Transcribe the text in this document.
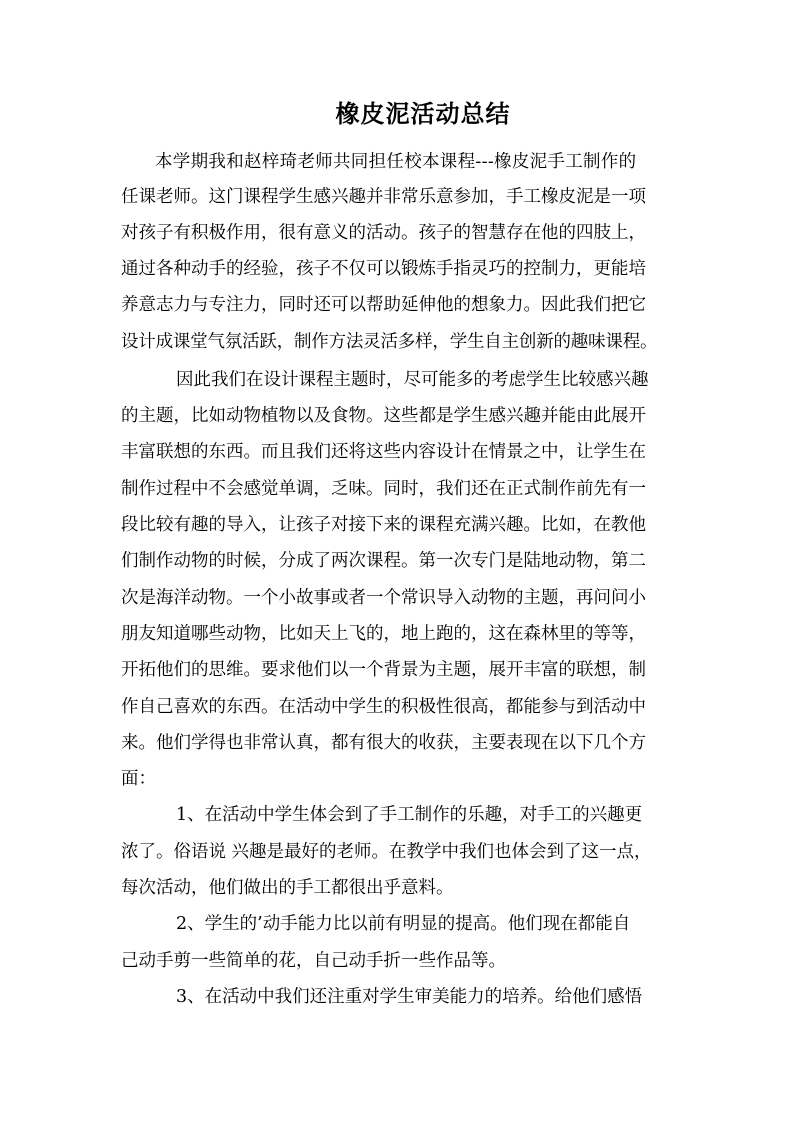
橡皮泥活动总结
本学期我和赵梓琦老师共同担任校本课程---橡皮泥手工制作的
任课老师。这门课程学生感兴趣并非常乐意参加，手工橡皮泥是一项
对孩子有积极作用，很有意义的活动。孩子的智慧存在他的四肢上，
通过各种动手的经验，孩子不仅可以锻炼手指灵巧的控制力，更能培
养意志力与专注力，同时还可以帮助延伸他的想象力。因此我们把它
设计成课堂气氛活跃，制作方法灵活多样，学生自主创新的趣味课程。
因此我们在设计课程主题时，尽可能多的考虑学生比较感兴趣
的主题，比如动物植物以及食物。这些都是学生感兴趣并能由此展开
丰富联想的东西。而且我们还将这些内容设计在情景之中，让学生在
制作过程中不会感觉单调，乏味。同时，我们还在正式制作前先有一
段比较有趣的导入，让孩子对接下来的课程充满兴趣。比如，在教他
们制作动物的时候，分成了两次课程。第一次专门是陆地动物，第二
次是海洋动物。一个小故事或者一个常识导入动物的主题，再问问小
朋友知道哪些动物，比如天上飞的，地上跑的，这在森林里的等等，
开拓他们的思维。要求他们以一个背景为主题，展开丰富的联想，制
作自己喜欢的东西。在活动中学生的积极性很高，都能参与到活动中
来。他们学得也非常认真，都有很大的收获，主要表现在以下几个方
面：
1、在活动中学生体会到了手工制作的乐趣，对手工的兴趣更
浓了。俗语说 兴趣是最好的老师。在教学中我们也体会到了这一点，
每次活动，他们做出的手工都很出乎意料。
2、学生的’动手能力比以前有明显的提高。他们现在都能自
己动手剪一些简单的花，自己动手折一些作品等。
3、在活动中我们还注重对学生审美能力的培养。给他们感悟
